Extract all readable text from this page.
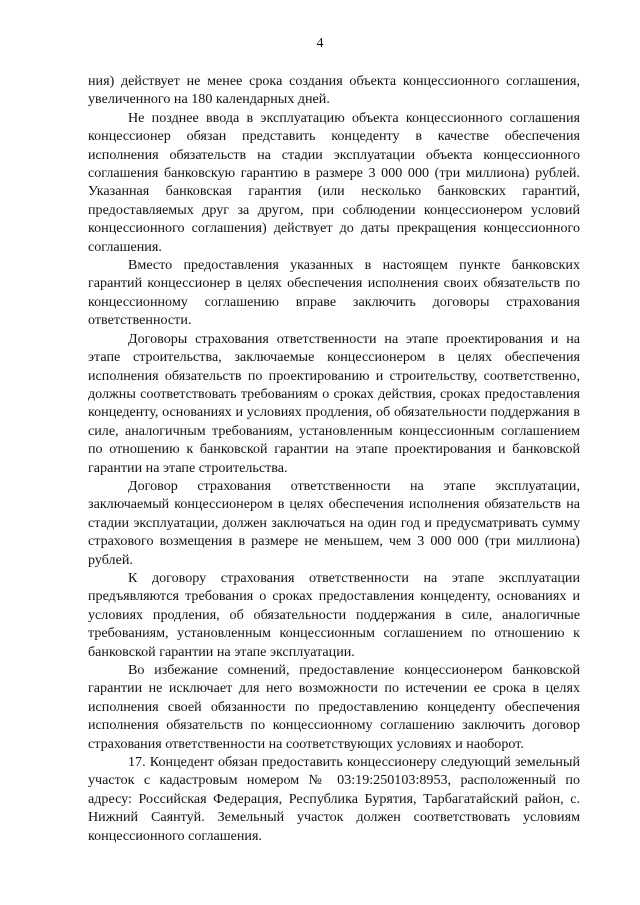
4

ния) действует не менее срока создания объекта концессионного соглашения, увеличенного на 180 календарных дней.

Не позднее ввода в эксплуатацию объекта концессионного соглашения концессионер обязан представить концеденту в качестве обеспечения исполнения обязательств на стадии эксплуатации объекта концессионного соглашения банковскую гарантию в размере 3 000 000 (три миллиона) рублей. Указанная банковская гарантия (или несколько банковских гарантий, предоставляемых друг за другом, при соблюдении концессионером условий концессионного соглашения) действует до даты прекращения концессионного соглашения.

Вместо предоставления указанных в настоящем пункте банковских гарантий концессионер в целях обеспечения исполнения своих обязательств по концессионному соглашению вправе заключить договоры страхования ответственности.

Договоры страхования ответственности на этапе проектирования и на этапе строительства, заключаемые концессионером в целях обеспечения исполнения обязательств по проектированию и строительству, соответственно, должны соответствовать требованиям о сроках действия, сроках предоставления концеденту, основаниях и условиях продления, об обязательности поддержания в силе, аналогичным требованиям, установленным концессионным соглашением по отношению к банковской гарантии на этапе проектирования и банковской гарантии на этапе строительства.

Договор страхования ответственности на этапе эксплуатации, заключаемый концессионером в целях обеспечения исполнения обязательств на стадии эксплуатации, должен заключаться на один год и предусматривать сумму страхового возмещения в размере не меньшем, чем 3 000 000 (три миллиона) рублей.

К договору страхования ответственности на этапе эксплуатации предъявляются требования о сроках предоставления концеденту, основаниях и условиях продления, об обязательности поддержания в силе, аналогичные требованиям, установленным концессионным соглашением по отношению к банковской гарантии на этапе эксплуатации.

Во избежание сомнений, предоставление концессионером банковской гарантии не исключает для него возможности по истечении ее срока в целях исполнения своей обязанности по предоставлению концеденту обеспечения исполнения обязательств по концессионному соглашению заключить договор страхования ответственности на соответствующих условиях и наоборот.

17. Концедент обязан предоставить концессионеру следующий земельный участок с кадастровым номером № 03:19:250103:8953, расположенный по адресу: Российская Федерация, Республика Бурятия, Тарбагатайский район, с. Нижний Саянтуй. Земельный участок должен соответствовать условиям концессионного соглашения.
